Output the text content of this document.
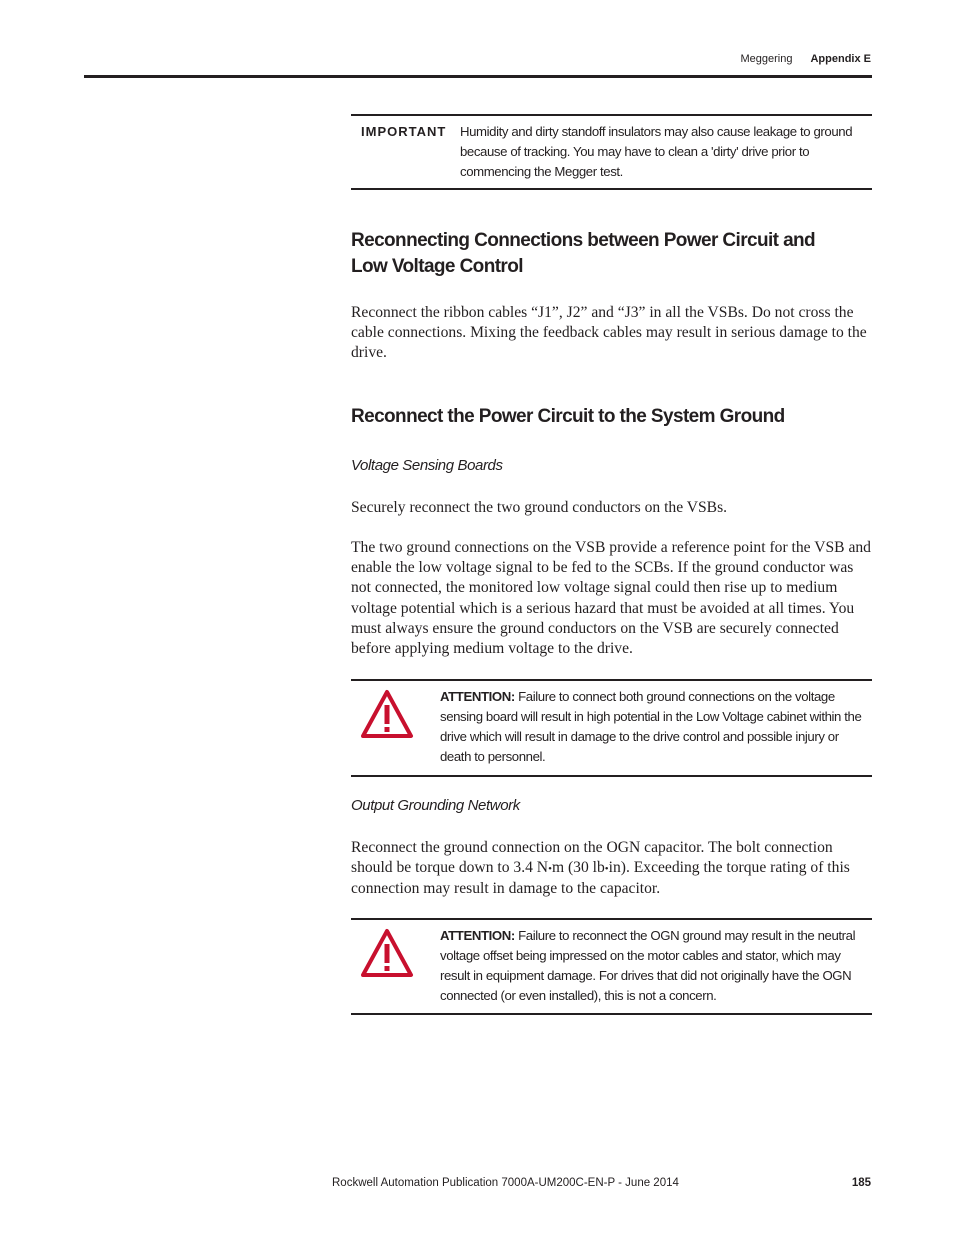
Meggering Appendix E
IMPORTANT Humidity and dirty standoff insulators may also cause leakage to ground because of tracking. You may have to clean a 'dirty' drive prior to commencing the Megger test.
Reconnecting Connections between Power Circuit and
Low Voltage Control

Reconnect the ribbon cables “J1”, J2” and “J3” in all the VSBs. Do not cross the cable connections. Mixing the feedback cables may result in serious damage to the drive.

Reconnect the Power Circuit to the System Ground
Voltage Sensing Boards

Securely reconnect the two ground conductors on the VSBs.

The two ground connections on the VSB provide a reference point for the VSB and enable the low voltage signal to be fed to the SCBs. If the ground conductor was not connected, the monitored low voltage signal could then rise up to medium voltage potential which is a serious hazard that must be avoided at all times. You must always ensure the ground conductors on the VSB are securely connected before applying medium voltage to the drive.

ATTENTION: Failure to connect both ground connections on the voltage sensing board will result in high potential in the Low Voltage cabinet within the drive which will result in damage to the drive control and possible injury or death to personnel.
Output Grounding Network

Reconnect the ground connection on the OGN capacitor. The bolt connection should be torque down to 3.4 N•m (30 lb•in). Exceeding the torque rating of this connection may result in damage to the capacitor.

ATTENTION: Failure to reconnect the OGN ground may result in the neutral voltage offset being impressed on the motor cables and stator, which may result in equipment damage. For drives that did not originally have the OGN connected (or even installed), this is not a concern.
Rockwell Automation Publication 7000A-UM200C-EN-P - June 2014	185
